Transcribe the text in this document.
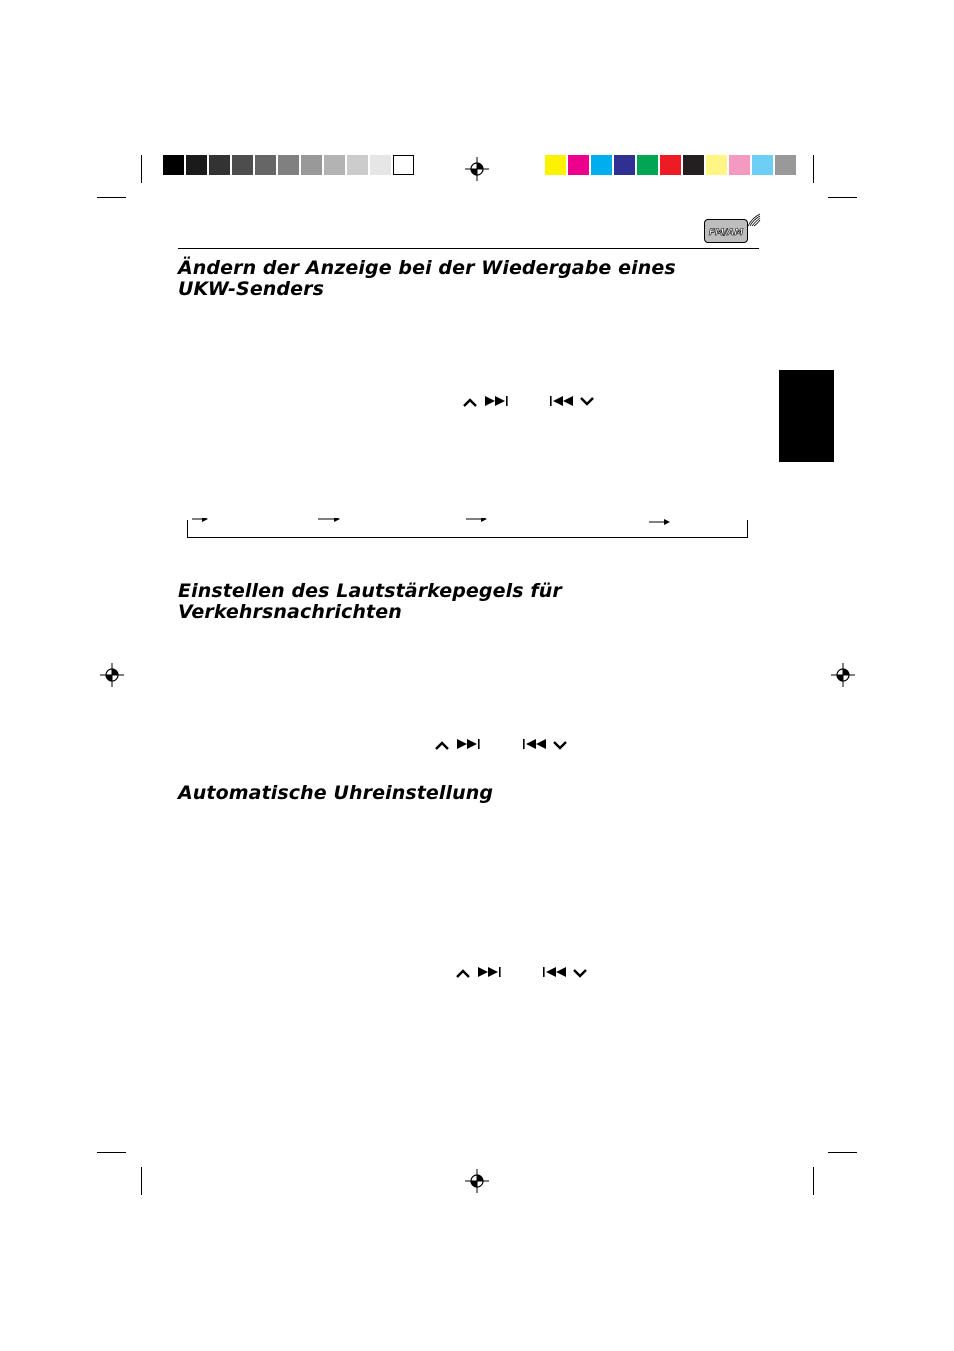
FM/AM
Ändern der Anzeige bei der Wiedergabe eines UKW-Senders
Einstellen des Lautstärkepegels für Verkehrsnachrichten
Automatische Uhreinstellung
